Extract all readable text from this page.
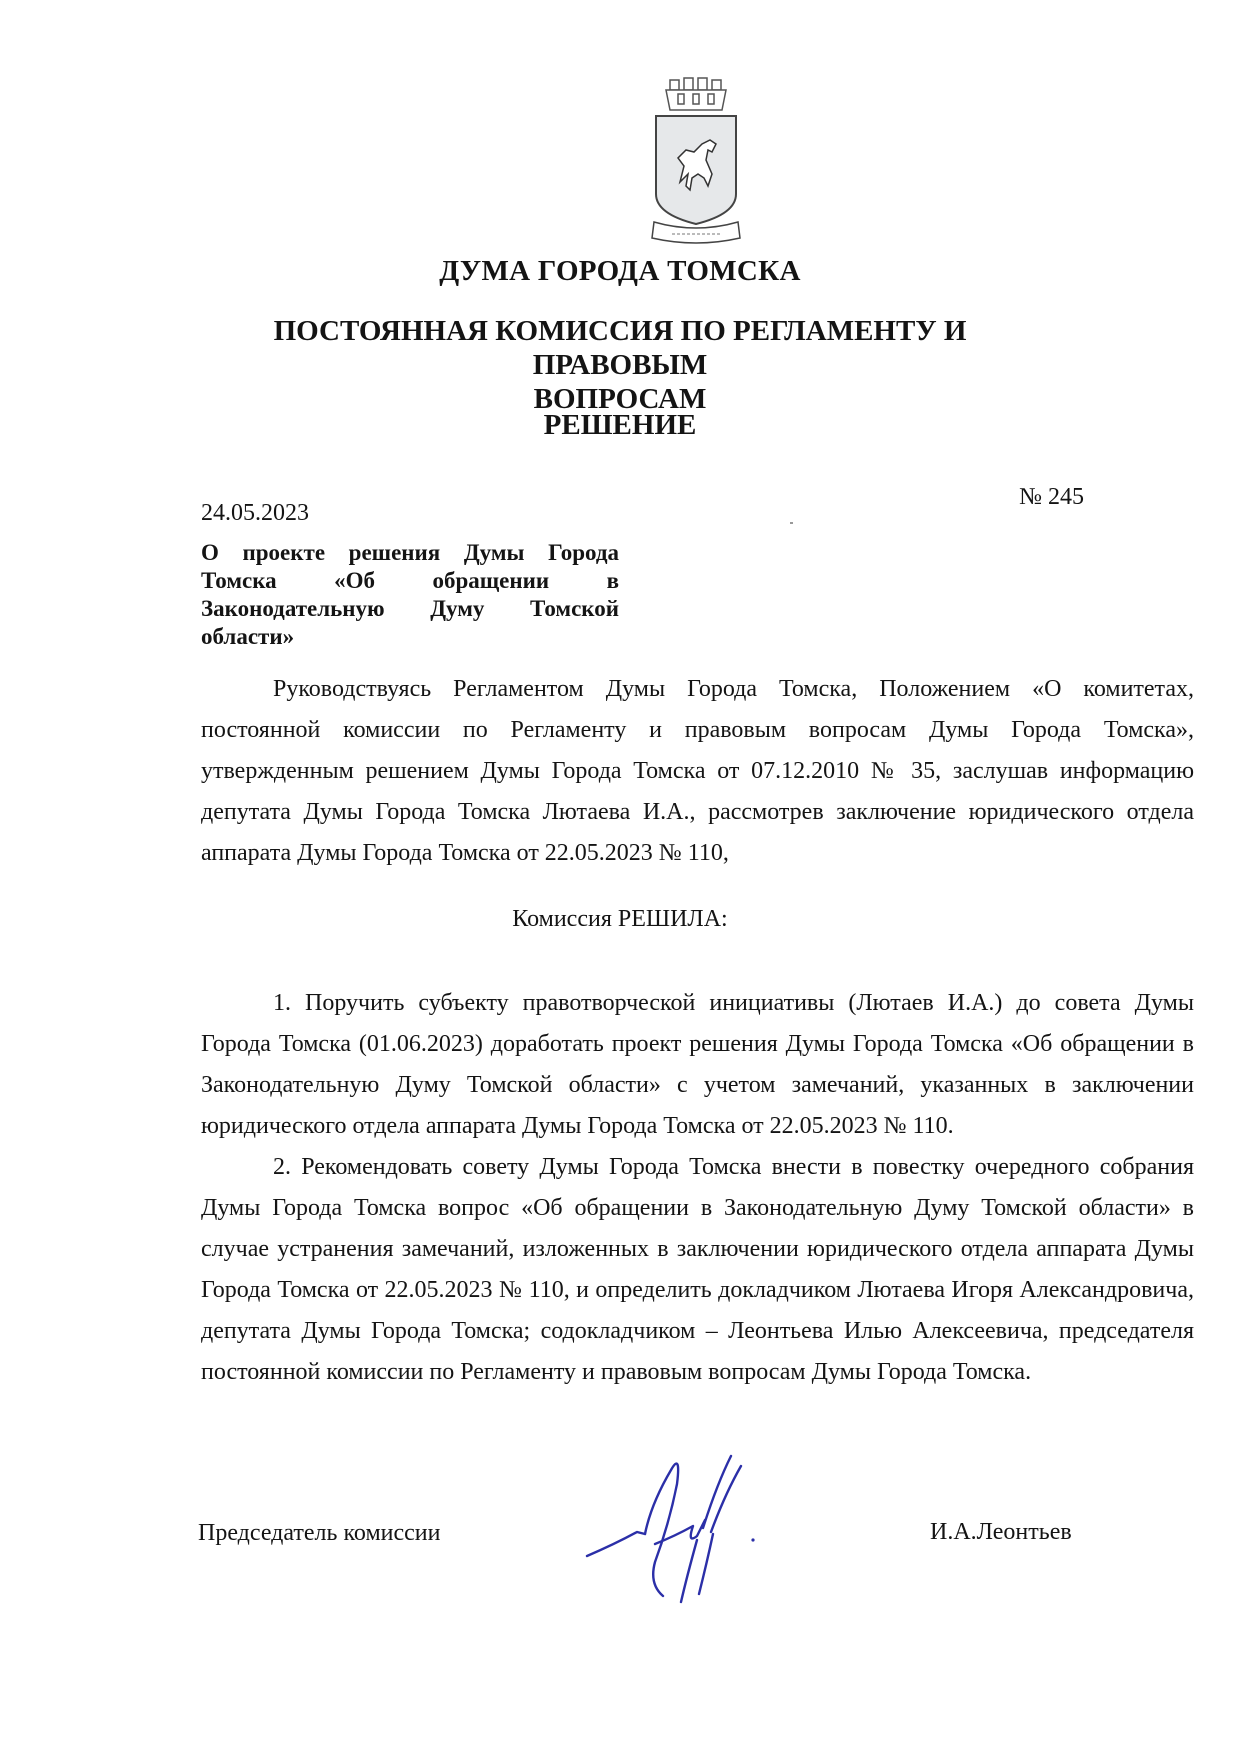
ДУМА ГОРОДА ТОМСКА
ПОСТОЯННАЯ КОМИССИЯ ПО РЕГЛАМЕНТУ И ПРАВОВЫМ
ВОПРОСАМ
РЕШЕНИЕ
№ 245
24.05.2023
О проекте решения Думы Города Томска «Об обращении в Законодательную Думу Томской области»

Руководствуясь Регламентом Думы Города Томска, Положением «О комитетах, постоянной комиссии по Регламенту и правовым вопросам Думы Города Томска», утвержденным решением Думы Города Томска от 07.12.2010 № 35, заслушав информацию депутата Думы Города Томска Лютаева И.А., рассмотрев заключение юридического отдела аппарата Думы Города Томска от 22.05.2023 № 110,

Комиссия РЕШИЛА:

1. Поручить субъекту правотворческой инициативы (Лютаев И.А.) до совета Думы Города Томска (01.06.2023) доработать проект решения Думы Города Томска «Об обращении в Законодательную Думу Томской области» с учетом замечаний, указанных в заключении юридического отдела аппарата Думы Города Томска от 22.05.2023 № 110.

2. Рекомендовать совету Думы Города Томска внести в повестку очередного собрания Думы Города Томска вопрос «Об обращении в Законодательную Думу Томской области» в случае устранения замечаний, изложенных в заключении юридического отдела аппарата Думы Города Томска от 22.05.2023 № 110, и определить докладчиком Лютаева Игоря Александровича, депутата Думы Города Томска; содокладчиком – Леонтьева Илью Алексеевича, председателя постоянной комиссии по Регламенту и правовым вопросам Думы Города Томска.

Председатель комиссии	И.А.Леонтьев
